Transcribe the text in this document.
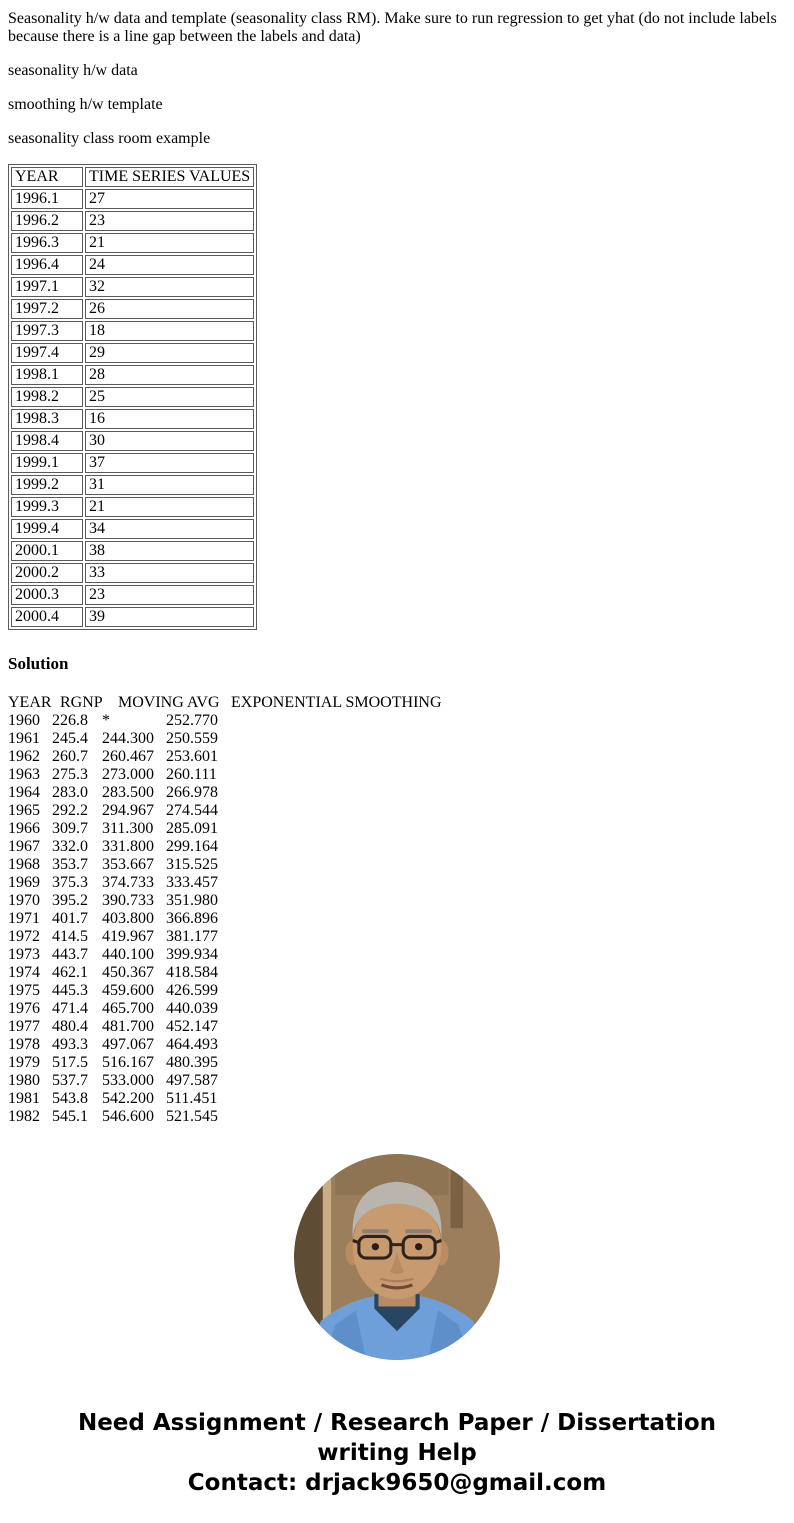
Seasonality h/w data and template (seasonality class RM). Make sure to run regression to get yhat (do not include labels because there is a line gap between the labels and data)

seasonality h/w data

smoothing h/w template

seasonality class room example

YEAR	TIME SERIES VALUES
1996.1	27
1996.2	23
1996.3	21
1996.4	24
1997.1	32
1997.2	26
1997.3	18
1997.4	29
1998.1	28
1998.2	25
1998.3	16
1998.4	30
1999.1	37
1999.2	31
1999.3	21
1999.4	34
2000.1	38
2000.2	33
2000.3	23
2000.4	39
Solution
YEAR RGNP MOVING AVG EXPONENTIAL SMOOTHING
1960 226.8 *	252.770
1961 245.4 244.300 250.559
1962 260.7 260.467 253.601
1963 275.3 273.000 260.111
1964 283.0 283.500 266.978
1965 292.2 294.967 274.544
1966 309.7 311.300 285.091
1967 332.0 331.800 299.164
1968 353.7 353.667 315.525
1969 375.3 374.733 333.457
1970 395.2 390.733 351.980
1971 401.7 403.800 366.896
1972 414.5 419.967 381.177
1973 443.7 440.100 399.934
1974 462.1 450.367 418.584
1975 445.3 459.600 426.599
1976 471.4 465.700 440.039
1977 480.4 481.700 452.147
1978 493.3 497.067 464.493
1979 517.5 516.167 480.395
1980 537.7 533.000 497.587
1981 543.8 542.200 511.451
1982 545.1 546.600 521.545
Need Assignment / Research Paper / Dissertation writing Help
Contact: drjack9650@gmail.com
